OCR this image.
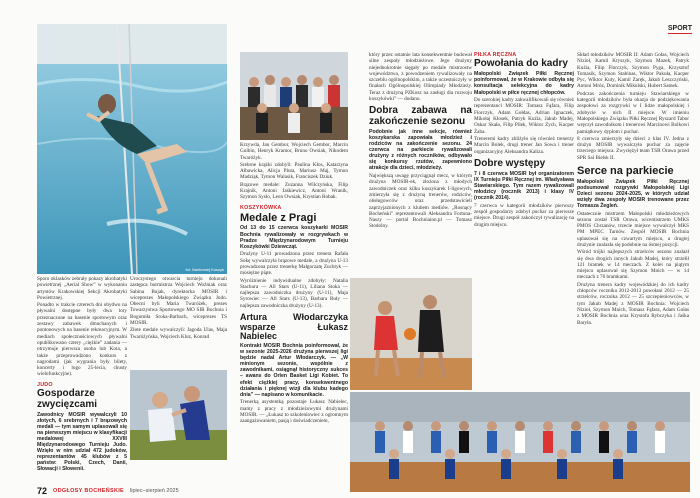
SPORT
fot. Bartłomiej Koszyk

Sporo oklasków zebrały pokazy akrobatyki powietrznej „Aerial Show” w wykonaniu artystów Krakowskiej Sekcji Akrobatyki Powietrznej.

Ponadto w trakcie czterech dni obydwu na pływalni dostępne były dwa tory przeznaczone na basenie sportowym oraz zestawy zabawek dmuchanych i pontonowych na basenie rekreacyjnym. W mediach społecznościowych pływalni opublikowano cztery „ciężkie” zadania — otrzymuje pierwsza osoba lub Kota, a także przeprowadzono konkurs z nagrodami (jak wygrania były bilety, koncerty i logo 25-lecia, chusty wielofunkcyjne).

JUDO
Gospodarze zwycięzcami
Zawodnicy MOSIR wywalczyli 10 złotych, 6 srebrnych i 7 brązowych medali — tym samym uplasowali się na pierwszym miejscu w klasyfikacji medalowej XXVIII Międzynarodowego Turnieju Judo. Wzięło w nim udział 472 judoków, reprezentantów 45 klubów z 5 państw: Polski, Czech, Danii, Słowacji i Słowenii.

Uroczystego otwarcia turnieju dokonali zastępca burmistrza Wojciech Woźniak oraz Sabina Bujak, dyrektorka MOSIR i wiceprezes Małopolskiego Związku Judo. Obecni byli Maria Twaróżek, prezes Towarzystwa Sportowego MO SIR Bochnia i Bogumiła Sroka-Barbach, wiceprezes TS MOSIR.

Złote medale wywalczyli: Jagoda Ulas, Maja Twaróżyńska, Wojciech Kluz, Konrad

Krzywda, Jan Gembor, Wojciech Gembor, Marcin Gulbin, Henryk Kramor, Bruno Owsiak, Nikodem Twaróżyk.

Srebrne krążki zdobyli: Paulina Kłos, Katarzyna Albawicka, Alicja Pluta, Mariusz Maj, Tymon Madziąk, Tymon Walasik, Franciszek Dziuk.

Brązowe medale: Zuzanna Wilczyńska, Filip Krajnik, Antoni Jaśkiewicz, Antoni Wranik, Szymon Syslo, Leon Owsiak, Krystian Robak.

KOSZYKÓWKA
Medale z Pragi
Od 13 do 15 czerwca koszykarki MOSIR Bochnia rywalizowały w rozgrywkach w Pradze Międzynarodowym Turnieju Koszykówki Dziewcząt.

Drużyny U-11 prowadzona przez trenera Rafała Sokę wywalczyła brązowe medale, a drużyna U-13 prowadzona przez trenerkę Małgorzatę Zuchtyk — mosiężne piąte.

Wyróżnienie indywidualne zdobyły: Natalia Stachura — All Stars (U-11), Liliana Stoka — najlepsza zawodniczka drużyny (U-11), Maja Syrowiec — All Stars (U-13), Barbara Buły — najlepsza zawodniczka drużyny (U-13).

Artura Włodarczyka wsparze Łukasz Nabielec
Kontrakt MOSIR Bochnia poinformował, że w sezonie 2025-2026 drużyna pierwszej ligi będzie nadal Artur Włodarczyk. — „W minionym sezonie, wspólnie z zawodnikami, osiągnął historyczny sukces – awans do Orlen Basket Ligi Kobiet. To efekt ciężkiej pracy, konsekwentnego działania i pięknej wizji dla klubu kadego dnia” — napisano w komunikacie.

Trenerką asystentką pozostaje Łukasz Nabielec, mamy z pracy z młodzieżowymi drużynami MOSIR. — „Łukasz to szkoleniowiec z ogromnym zaangażowaniem, pasją i doświadczeniem,

który przez ostatnie lata konsekwentnie budował silne zespoły młodzieżowe. Jego drużyny niejednokrotnie sięgały po medale mistrzostw województwa, z powodzeniem rywalizowały na szczeblu ogólnopolskim, a także uczestniczyły w finałach Ogólnopolskiej Olimpiady Młodzieży. Teraz z drużyną PZKosz na zasługi dla rozwoju koszykówki” — dodano.

Dobra zabawa na zakończenie sezonu
Podobnie jak inne sekcje, również koszykarska zapowiała młodzież i rodziców na zakończenie sezonu. 24 czerwca na parkiecie rywalizowali drużyny z różnych roczników, odbywało się konkursy rzutów, zapewniono atrakcje dla dzieci, młodzieży.

Największą uwagę przyciągnął mecz, w którym drużyna MOSIR-ek, złożona z młodych zawodniczek oraz kilku koszykarek I-ligowych, zmierzyła się z drużyną trenerów, rodziców, obsługowców oraz przedstawicieli zaprzyjaźnionych z klubem mediów. „Rosnący Bocheński” reprezentowali Aleksandra Fortuna-Naszy — portal Bochniainn.pl — Tomasz Stodolny.

PIŁKA RĘCZNA
Powołania do kadry
Małopolski Związek Piłki Ręcznej poinformował, że w Krakowie odbyła się konsultacja selekcyjna do kadry Małopolski w piłce ręcznej chłopców.

Do szerokiej kadry zakwalifikowali się również reprezentanci MOSIR: Tomasz Fąfara, Filip Florczyk, Adam Gołdas, Adrian Ignaczek, Mikołaj Kłosek, Patryk Kuźia, Jakub Madej, Oskar Skała, Filip Pilek, Wiktor Zych, Kacper Żaba.

Treneremi kadry zbliżyło się również trenerzy Marcin Bolek, drugi trener Jan Sowa i trener organizacyjny Aleksandra Kaliza.

Dobre występy
7 i 8 czerwca MOSIR był organizatorem IX Turnieju Piłki Ręcznej im. Władysława Stawiarskiego. Tym razem rywalizowali młodzicy (rocznik 2013) i klasy IV (rocznik 2014).

7 czerwca w kategorii młodzików pierwszy zespół gospodarzy zdobył puchar za pierwsze miejsce. Drugi zespół zakończył rywalizację na drugim miejscu.

Skład młodzików MOSIR II: Adam Gołas, Wojciech Nizioł, Kamil Kryszyk, Szymon Mazek, Patryk Kuźia, Filip Florczyk, Szymon Pyga, Krzysztof Tomasik, Szymon Stabinas, Wiktor Pakuła, Kacper Pyc, Wiktor Kuty, Kamil Zaręk, Jakub Leszczyński, Antoni Mróz, Dominik Mikulski, Hubert Samek.

Podczas zakończenia turnieju Stawiarskiego w kategorii młodzików była okazja do podziękowania zespołowi za rozgrywki w I lidze małopolskiej i zdobycie w nich II miejsce. W imieniu Małopolskiego Związku Piłki Ręcznej Ryszard Tabor wręczył zawodnikom i trenerowi Marcinowi Bolkowi pamiątkowy dyplom i puchar.

8 czerwca zmierzyły się dzieci z klas IV. Jedna z drużyn MOSIR wywalczyła puchar za zajęcie trzeciego miejsca. Zwyciężył team TSR Orawa przed SPR Sal Bielsk II.

Serce na parkiecie
Małopolski Związek Piłki Ręcznej podsumował rozgrywki Małopolskiej Ligi Dzieci sezonu 2024-2025, w których udział wzięły dwa zespoły MOSIR trenowane przez Tomasza Żegleń.

Ostatecznie mistrzem Małopolski młodzieżowych sezonu został TSR Orawa, wicemistrzem UMKS PMOS Chrzanów, trzecie miejsce wywalczył MKS PM MPEC Tarnów. Zespół MOSIR Bochnia uplasował się na czwartym miejscu, a drugiej drużynie znalazła się podobnie na ósmej pozycji.

Wśród trójki najlepszych strzelców sezonu znalazł się dwa drogich innych Jakub Madej, który strzelił 121 bramek w 14 meczach. Z kolei na piątym miejscu uplasował się Szymon Mnich — w 14 meczach z 76 bramkami.

Drużyna trenera kadry wojewódzkiej do ich kadry chłopców rocznika 2012-2013 powołani 2012 — 25 strzelców, rocznika 2012 — 25 szczepieniowców, w tym Jakub Madej z MOSIR Bochnia: Wojciech Nizioł, Szymon Mnich, Tomasz Fąfara, Adam Gołas z MOSIR Bochnia oraz Krystofa Rybczyka i Jaśka Baryła.

72 ODGŁOSY BOCHEŃSKIE lipiec–sierpień 2025
